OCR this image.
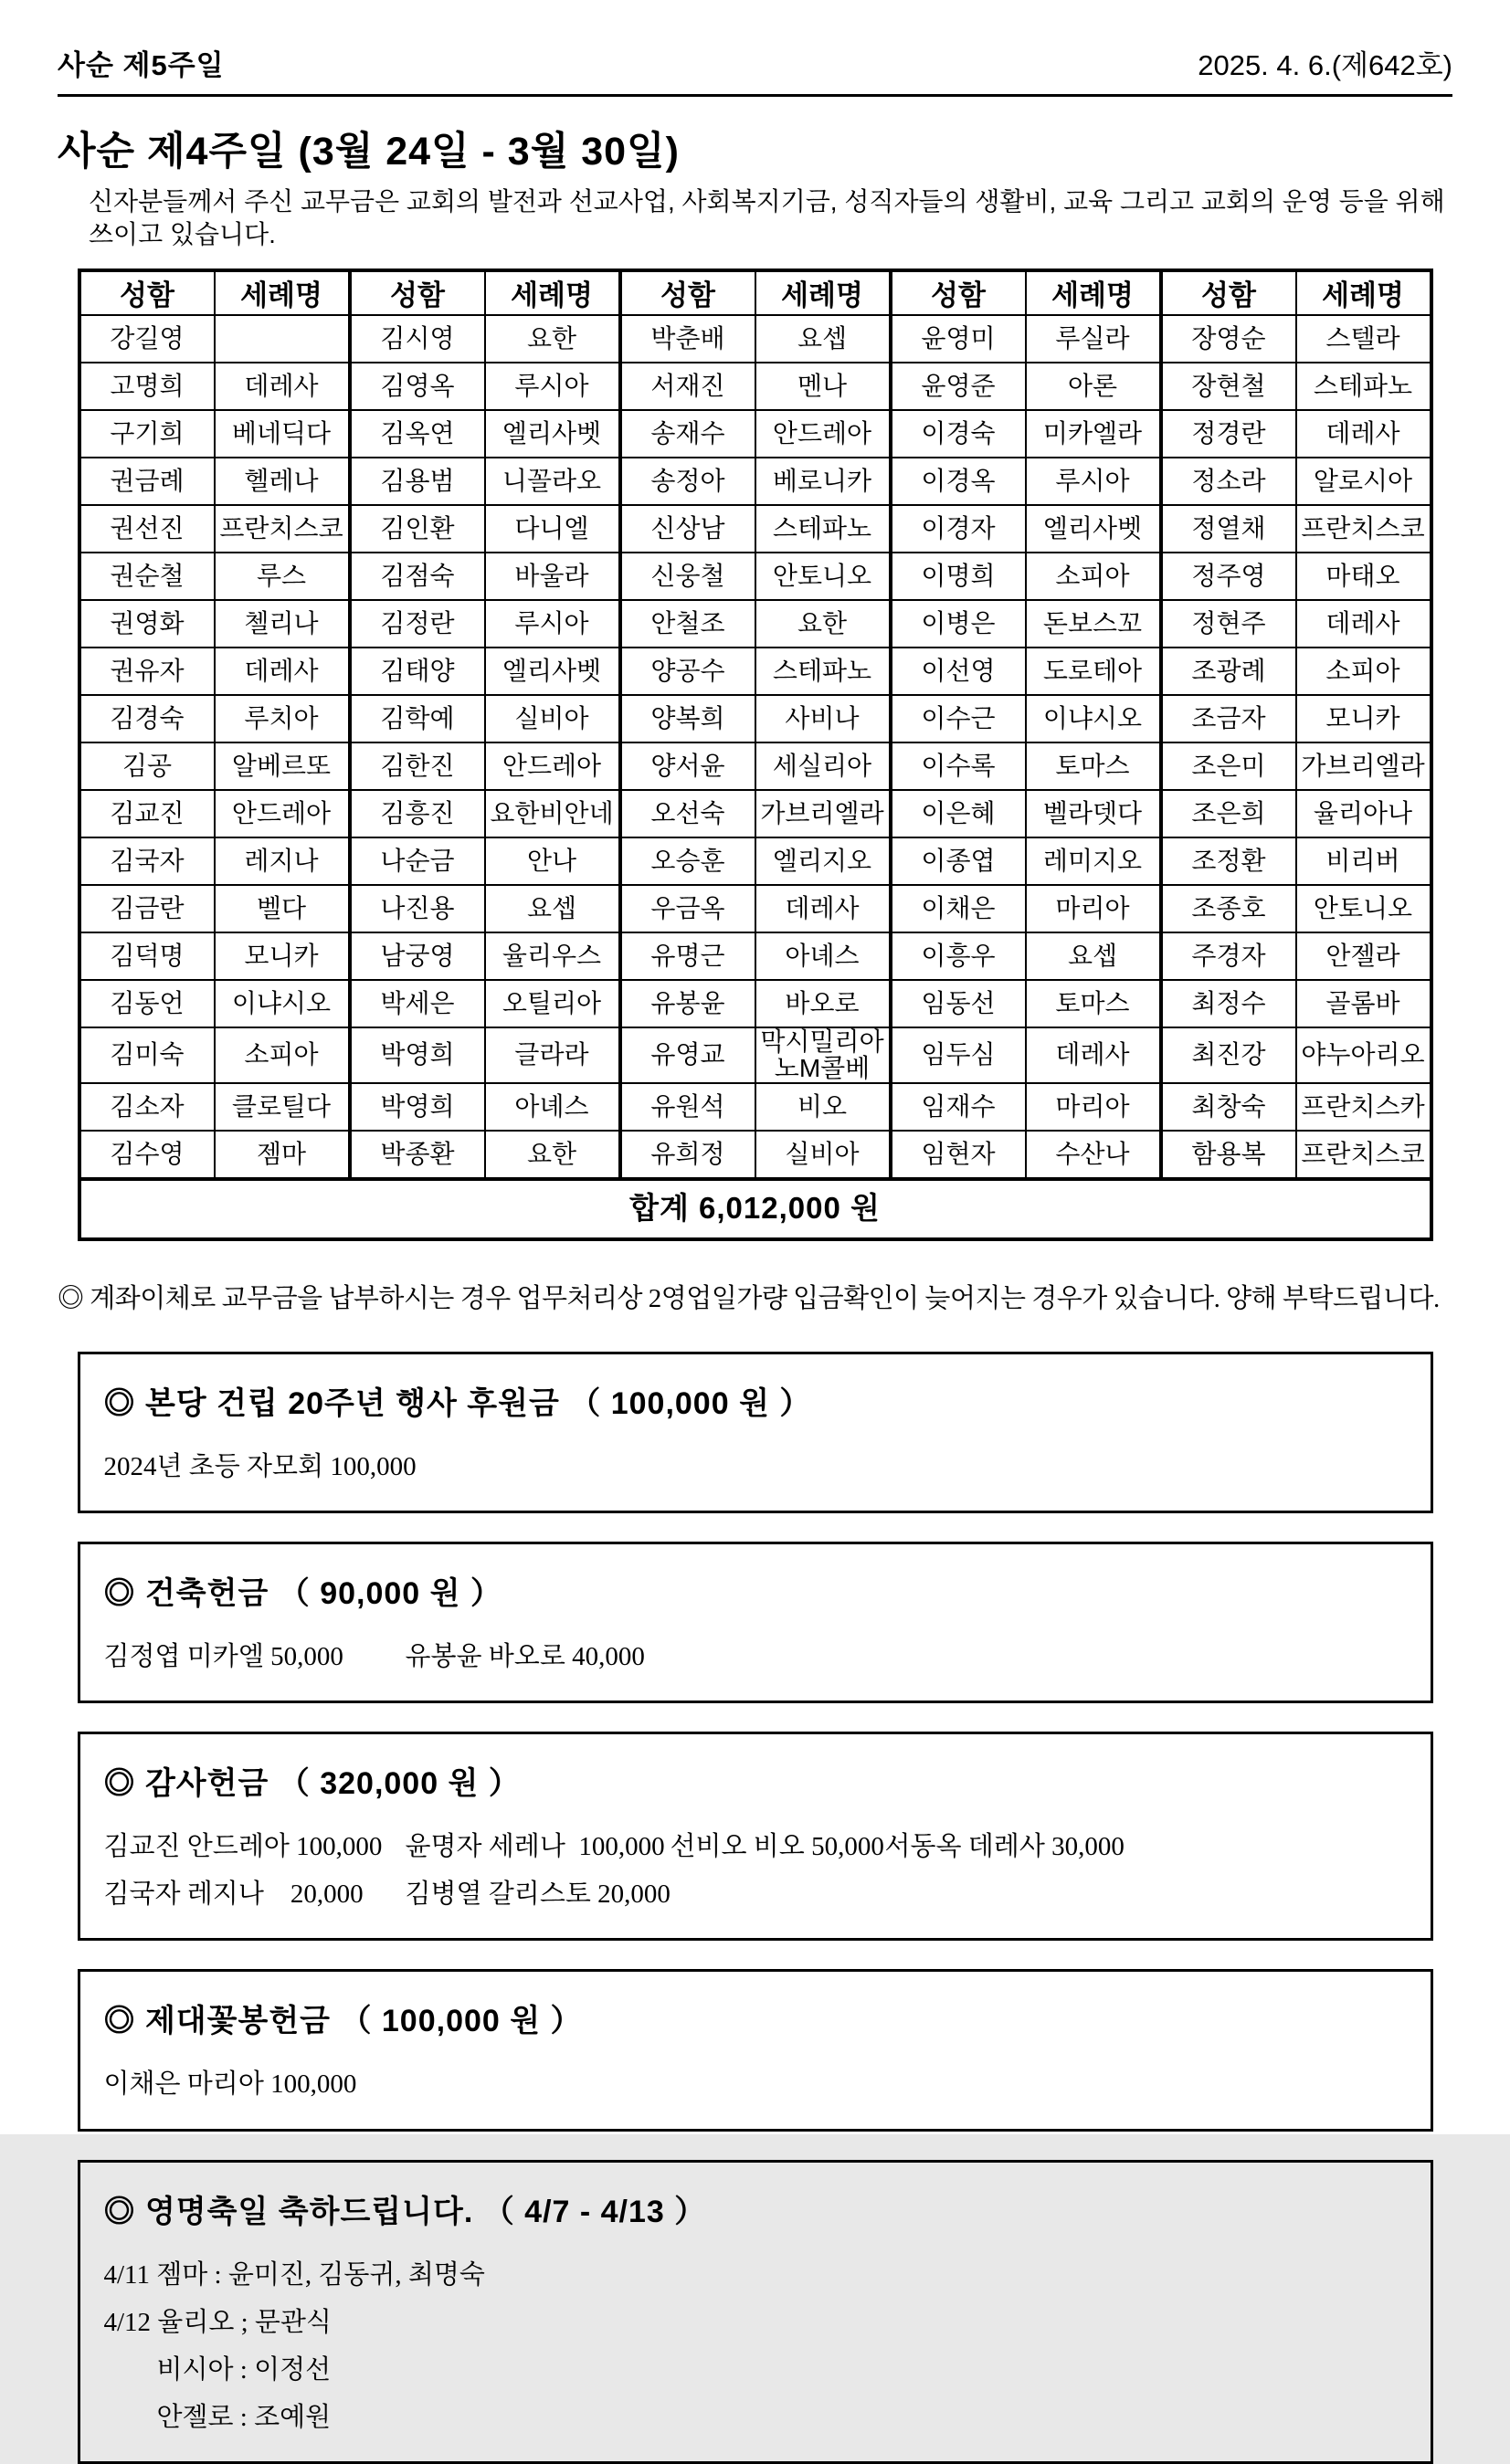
사순 제5주일	2025. 4. 6.(제642호)
사순 제4주일 (3월 24일 - 3월 30일)

신자분들께서 주신 교무금은 교회의 발전과 선교사업, 사회복지기금, 성직자들의 생활비, 교육 그리고 교회의 운영 등을 위해 쓰이고 있습니다.

성함	세례명	성함	세례명	성함	세례명	성함	세례명	성함	세례명
강길영		김시영	요한	박춘배	요셉	윤영미	루실라	장영순	스텔라
고명희	데레사	김영옥	루시아	서재진	멘나	윤영준	아론	장현철	스테파노
구기희	베네딕다	김옥연	엘리사벳	송재수	안드레아	이경숙	미카엘라	정경란	데레사
권금례	헬레나	김용범	니꼴라오	송정아	베로니카	이경옥	루시아	정소라	알로시아
권선진	프란치스코	김인환	다니엘	신상남	스테파노	이경자	엘리사벳	정열채	프란치스코
권순철	루스	김점숙	바울라	신웅철	안토니오	이명희	소피아	정주영	마태오
권영화	첼리나	김정란	루시아	안철조	요한	이병은	돈보스꼬	정현주	데레사
권유자	데레사	김태양	엘리사벳	양공수	스테파노	이선영	도로테아	조광례	소피아
김경숙	루치아	김학예	실비아	양복희	사비나	이수근	이냐시오	조금자	모니카
김공	알베르또	김한진	안드레아	양서윤	세실리아	이수록	토마스	조은미	가브리엘라
김교진	안드레아	김흥진	요한비안네	오선숙	가브리엘라	이은혜	벨라뎃다	조은희	율리아나
김국자	레지나	나순금	안나	오승훈	엘리지오	이종엽	레미지오	조정환	비리버
김금란	벨다	나진용	요셉	우금옥	데레사	이채은	마리아	조종호	안토니오
김덕명	모니카	남궁영	율리우스	유명근	아녜스	이흥우	요셉	주경자	안젤라
김동언	이냐시오	박세은	오틸리아	유봉윤	바오로	임동선	토마스	최정수	골롬바
김미숙	소피아	박영희	글라라	유영교	막시밀리아노M콜베	임두심	데레사	최진강	야누아리오
김소자	클로틸다	박영희	아녜스	유원석	비오	임재수	마리아	최창숙	프란치스카
김수영	젬마	박종환	요한	유희정	실비아	임현자	수산나	함용복	프란치스코
합계 6,012,000 원									

◎ 계좌이체로 교무금을 납부하시는 경우 업무처리상 2영업일가량 입금확인이 늦어지는 경우가 있습니다. 양해 부탁드립니다.

◎ 본당 건립 20주년 행사 후원금 （ 100,000 원 ）
2024년 초등 자모회 100,000
◎ 건축헌금 （ 90,000 원 ）
김정엽 미카엘 50,000 유봉윤 바오로 40,000
◎ 감사헌금 （ 320,000 원 ）
김교진 안드레아 100,000 윤명자 세레나  100,000 선비오 비오 50,000서동옥 데레사 30,000
김국자 레지나    20,000 김병열 갈리스토 20,000
◎ 제대꽃봉헌금 （ 100,000 원 ）
이채은 마리아 100,000
◎ 영명축일 축하드립니다. （ 4/7 - 4/13 ）
4/11 젬마 : 윤미진, 김동귀, 최명숙
4/12 율리오 ; 문관식
비시아 : 이정선
안젤로 : 조예원
